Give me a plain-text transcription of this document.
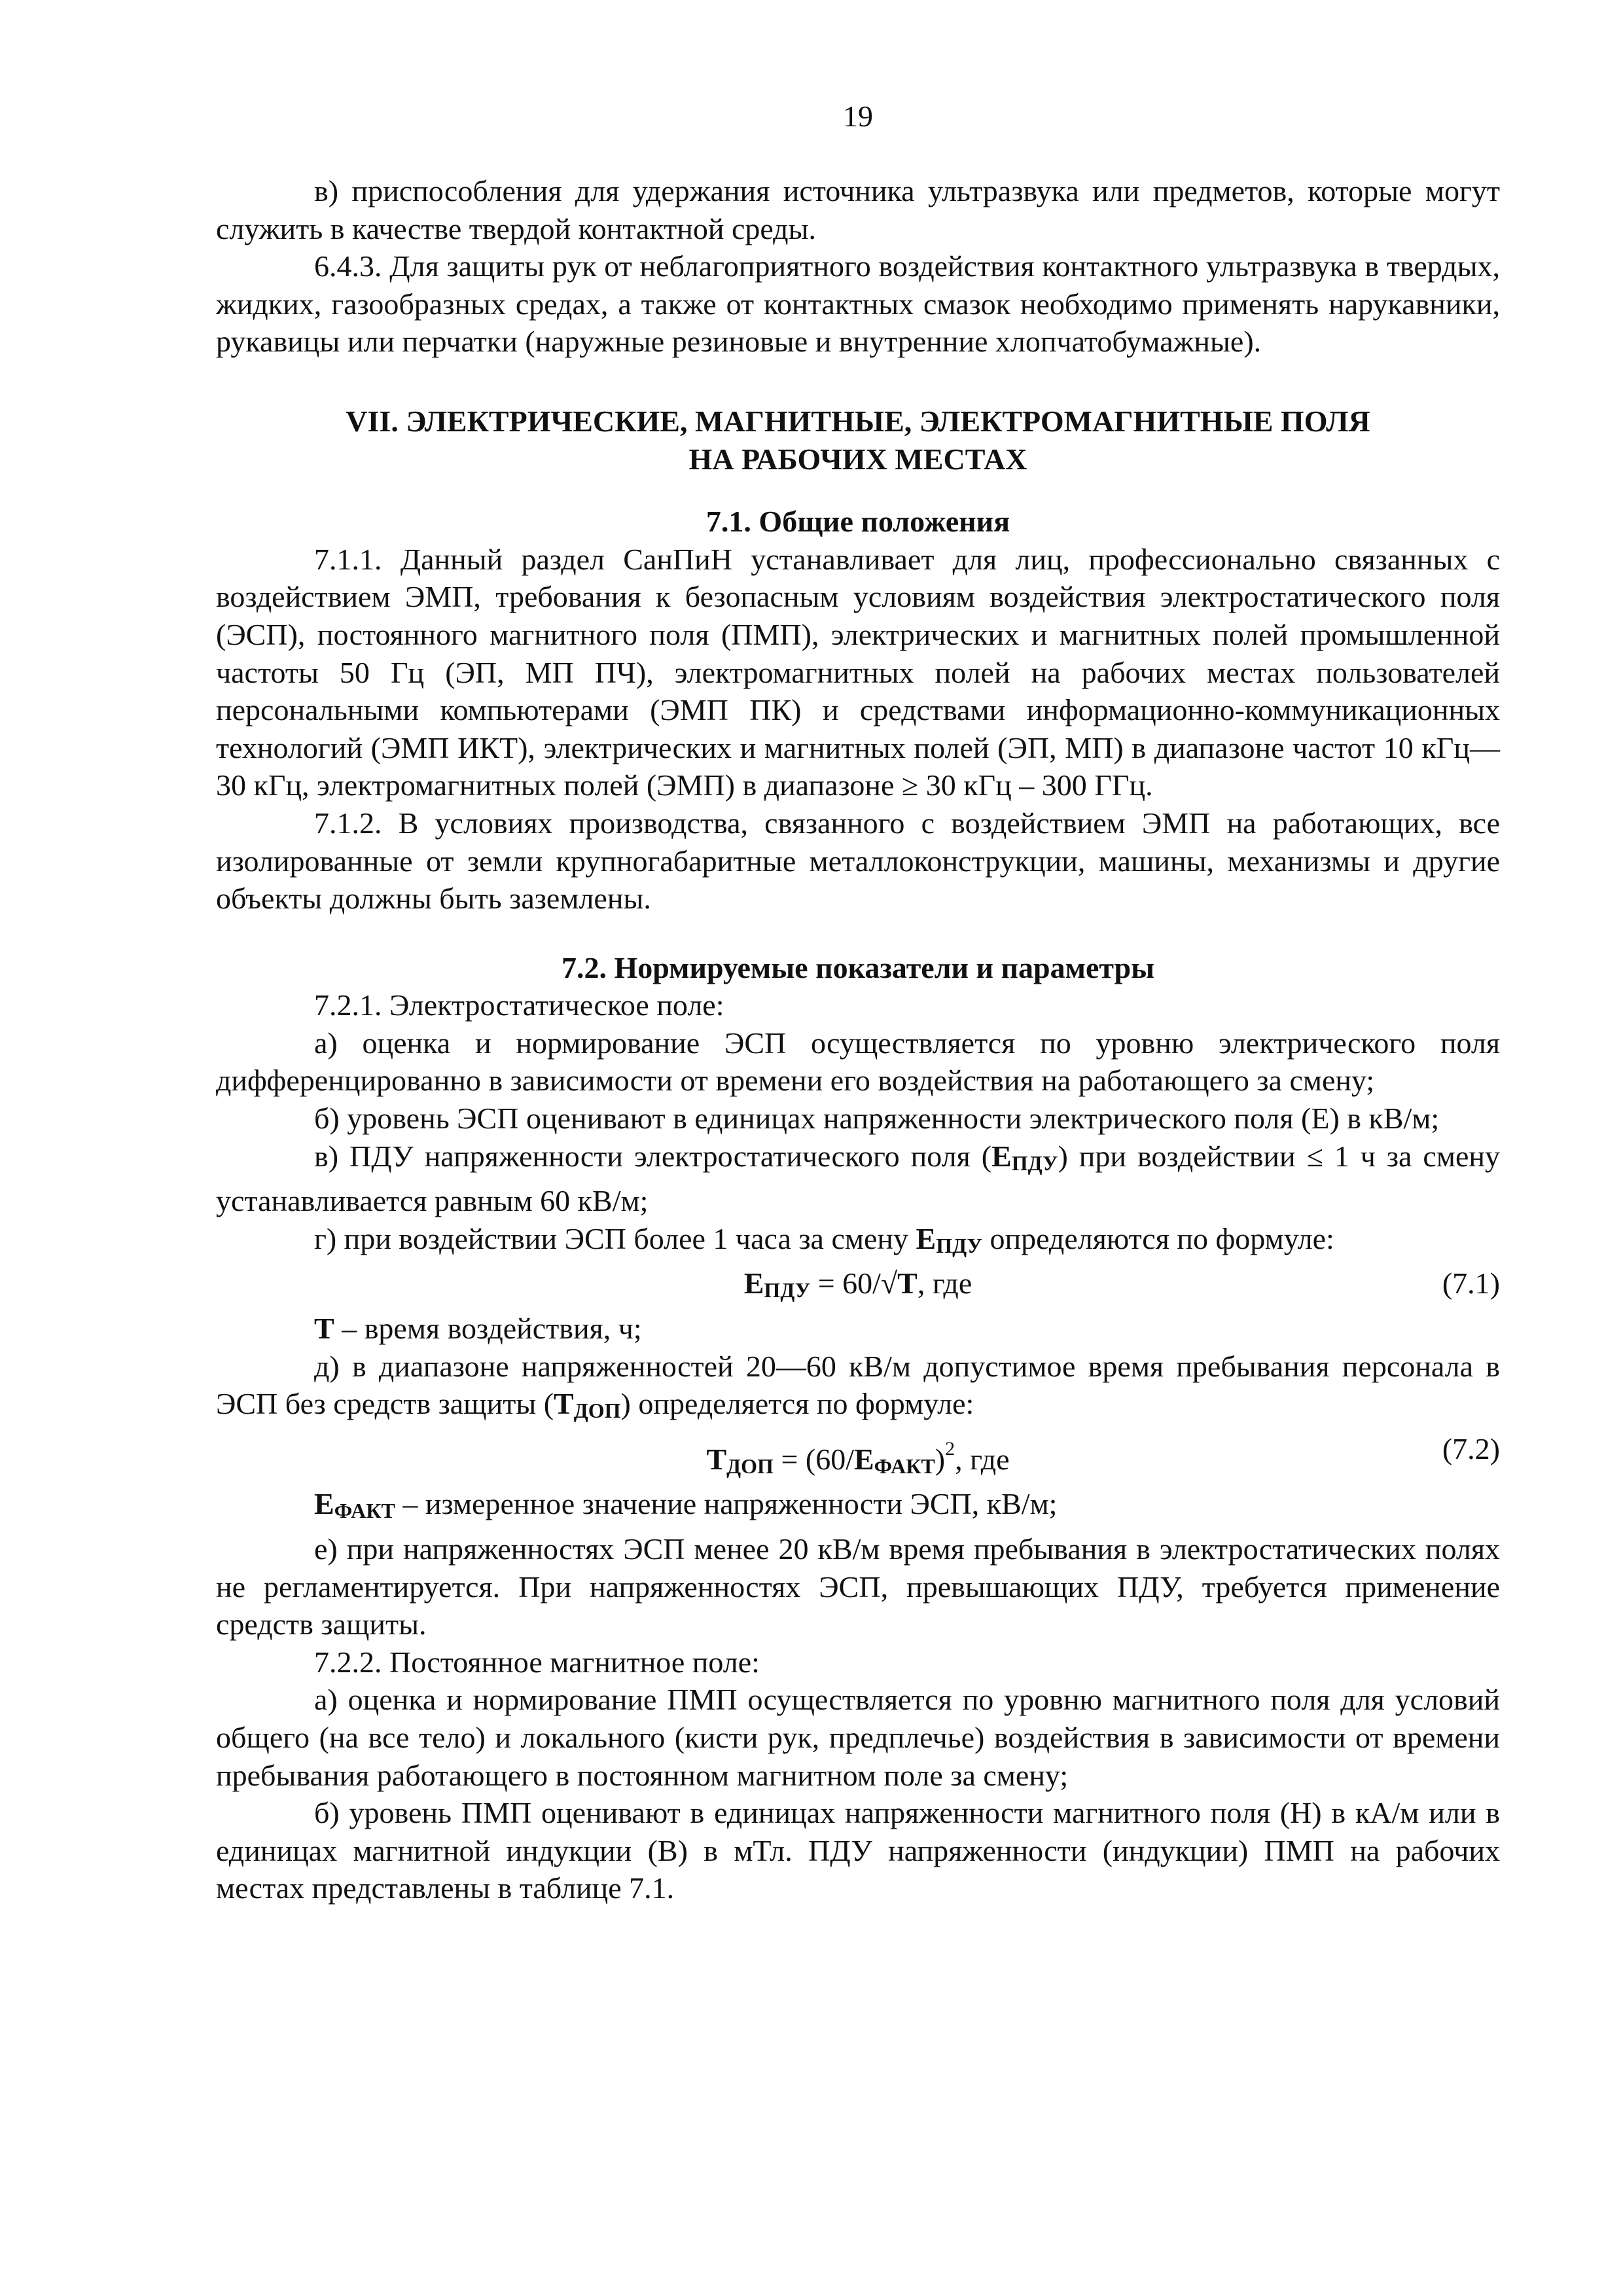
19

в) приспособления для удержания источника ультразвука или предметов, которые могут служить в качестве твердой контактной среды.

6.4.3. Для защиты рук от неблагоприятного воздействия контактного ультразвука в твердых, жидких, газообразных средах, а также от контактных смазок необходимо применять нарукавники, рукавицы или перчатки (наружные резиновые и внутренние хлопчатобумажные).

VII. ЭЛЕКТРИЧЕСКИЕ, МАГНИТНЫЕ, ЭЛЕКТРОМАГНИТНЫЕ ПОЛЯ

НА РАБОЧИХ МЕСТАХ

7.1. Общие положения

7.1.1. Данный раздел СанПиН устанавливает для лиц, профессионально связанных с воздействием ЭМП, требования к безопасным условиям воздействия электростатического поля (ЭСП), постоянного магнитного поля (ПМП), электрических и магнитных полей промышленной частоты 50 Гц (ЭП, МП ПЧ), электромагнитных полей на рабочих местах пользователей персональными компьютерами (ЭМП ПК) и средствами информационно-коммуникационных технологий (ЭМП ИКТ), электрических и магнитных полей (ЭП, МП) в диапазоне частот 10 кГц—30 кГц, электромагнитных полей (ЭМП) в диапазоне ≥ 30 кГц – 300 ГГц.

7.1.2. В условиях производства, связанного с воздействием ЭМП на работающих, все изолированные от земли крупногабаритные металлоконструкции, машины, механизмы и другие объекты должны быть заземлены.

7.2. Нормируемые показатели и параметры

7.2.1. Электростатическое поле:

а) оценка и нормирование ЭСП осуществляется по уровню электрического поля дифференцированно в зависимости от времени его воздействия на работающего за смену;

б) уровень ЭСП оценивают в единицах напряженности электрического поля (Е) в кВ/м;

в) ПДУ напряженности электростатического поля (EПДУ) при воздействии ≤ 1 ч за смену устанавливается равным 60 кВ/м;

г) при воздействии ЭСП более 1 часа за смену EПДУ определяются по формуле:

EПДУ = 60/√T, где	(7.1)

T – время воздействия, ч;

д) в диапазоне напряженностей 20—60 кВ/м допустимое время пребывания персонала в ЭСП без средств защиты (TДОП) определяется по формуле:

TДОП = (60/EФАКТ)$^2$, где	(7.2)

EФАКТ – измеренное значение напряженности ЭСП, кВ/м;

е) при напряженностях ЭСП менее 20 кВ/м время пребывания в электростатических полях не регламентируется. При напряженностях ЭСП, превышающих ПДУ, требуется применение средств защиты.

7.2.2. Постоянное магнитное поле:

а) оценка и нормирование ПМП осуществляется по уровню магнитного поля для условий общего (на все тело) и локального (кисти рук, предплечье) воздействия в зависимости от времени пребывания работающего в постоянном магнитном поле за смену;

б) уровень ПМП оценивают в единицах напряженности магнитного поля (Н) в кА/м или в единицах магнитной индукции (В) в мТл. ПДУ напряженности (индукции) ПМП на рабочих местах представлены в таблице 7.1.
